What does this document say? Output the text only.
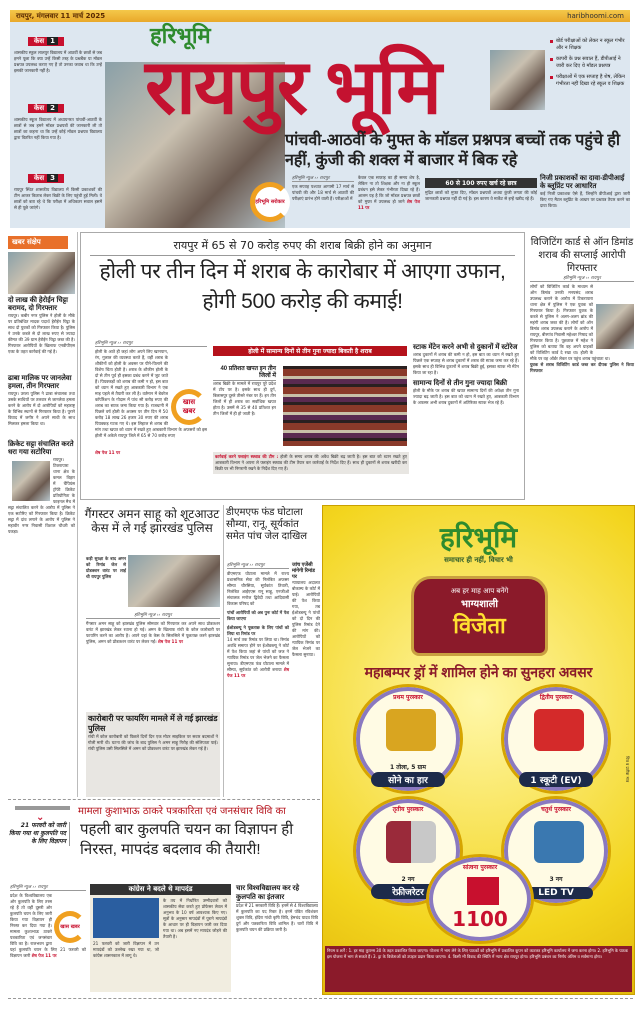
रायपुर, मंगलवार 11 मार्च 2025	haribhoomi.com
केस 1
शासकीय स्कूल लालपुर विद्यालय में आठवीं के छात्रों से जब हमने पूछा कि क्या उन्हें किसी तरह के प्रश्नबैंक या मॉडल प्रश्नपत्र उपलब्ध कराए गए हैं तो उनका जवाब था कि उन्हें इसकी जानकारी नहीं है।
केस 2
शासकीय स्कूल विद्यालय में अध्ययनरत पांचवीं-आठवीं के छात्रों से जब हमने मॉडल प्रश्नपत्रों की जानकारी ली तो छात्रों का कहना था कि उन्हें कोई मॉडल प्रश्नपत्र विद्यालय द्वारा वितरित नहीं किया गया है।
केस 3
रायपुर स्थित शासकीय विद्यालय में किसी प्रकाशकों की टीम आकर किताब लेकर बिक्री के लिए पहुंची हुई मिली। वे छात्रों को बता रहे थे कि परीक्षा में अधिकतर सवाल इसमें से ही पूछे जाएंगे।
हरिभूमि
रायपुर भूमि
बोर्ड परीक्षाओं को लेकर न स्कूल गंभीर और न शिक्षक
कापरी के प्रश्न सवाल हैं, डीपीआई ने जारी कर दिए थे मॉडल प्रश्नपत्र
परीक्षाओं में एक सप्ताह है शेष, लेकिन गंभीरता नहीं दिखा रहे स्कूल व शिक्षक
पांचवी-आठवीं के मुफ्त के मॉडल प्रश्नपत्र बच्चों तक पहुंचे ही नहीं, कुंजी की शक्ल में बाजार में बिक रहे
हरिभूमि सरोकार
हरिभूमि न्यूज ›› रायपुर
एक सप्ताह पश्चात आगामी 17 मार्च से पांचवी की और 18 मार्च से आठवीं की परीक्षाएं प्रारंभ होने वाली हैं। परीक्षाओं में
केवल एक सप्ताह का ही समय शेष है, लेकिन ना तो शिक्षक और ना ही स्कूल प्रबंधन इसे लेकर गंभीरता दिखा रहे हैं। आलम यह है कि जो मॉडल प्रश्नपत्र छात्रों को मुफ्त में उपलब्ध हो जाने शेष पेज 11 पर
60 से 100 रुपए खर्च रहे छात्र
मुद्रित छात्रों को मुफ्त दिए, मॉडल प्रश्नपत्रों अथवा कुंजी लगता की कोई जानकारी प्रश्नपत्र नहीं दी गई है। इस कारण वे मार्केट से इन्हें खरीद रहे हैं।
निजी प्रकाशकों का दावा-डीपीआई के ब्लूप्रिंट पर आधारित
कई निजी प्रकाशक ऐसे हैं, जिन्होंने डीपीआई द्वारा जारी किए गए मैटल ब्लूप्रिंट के आधार पर प्रश्नपत्र तैयार करने का दावा किया।
खबर संक्षेप
दो लाख की हेरोईन चिट्टा बरामद, दो गिरफ्तार
रायपुर। कबीर नगर पुलिस ने होली के मौके पर प्रतिबंधित मादक पदार्थ हेरोईन चिट्टा के साथ दो युवकों को गिरफ्तार किया है। पुलिस ने उनके कब्जे से दो लाख रुपए से ज्यादा कीमत की 39 ग्राम हेरोईन चिट्टा जब्त की है। गिरफ्तार आरोपियों के खिलाफ एनडीपीएस एक्ट के तहत कार्रवाई की गई है।
ढाबा मालिक पर जानलेवा हमला, तीन गिरफ्तार
रायपुर। उरला पुलिस ने ढाबा संचालक तथा उसके साथियों पर तलवार से जानलेवा हमला करने के आरोप में दो आरोपियों को महाराष्ट्र के विभिन्न स्थानों से गिरफ्तार किया है। पुराने विवाद में जगीर ने अपने साथी के साथ मिलकर हमला किया था।
क्रिकेट सट्टा संचालित करते धरा गया सटोरिया
रायपुर। टिकरापारा थाना क्षेत्र के कमल विहार में चैंपियंस ट्रॉफी क्रिकेट प्रतियोगिता के फाइनल मैच में सट्टा संचालित करने के आरोप में पुलिस ने एक सटोरिए को गिरफ्तार किया है। क्रिकेट सट्टा में दांव लगाने के आरोप में पुलिस ने महावीर नगर निवासी विशाल चौधरी को पकड़ा।
रायपुर में 65 से 70 करोड़ रुपए की शराब बिक्री होने का अनुमान
होली पर तीन दिन में शराब के कारोबार में आएगा उफान, होगी 500 करोड़ की कमाई!
हरिभूमि न्यूज ›› रायपुर
खास खबर
होली के आते ही जहां लोग अपने लिए खानपान, रंग, गुलाल की व्यवस्था करते हैं, वहीं शराब के शौकीनों को होली के अवसर पर पीने-पिलाने की विशेष चिंता होती है। शराब के शौकीन होली के दो से तीन पूर्व ही इसका प्रबंध करने में जुट जाते हैं। पियक्कड़ों को शराब की कमी न हो, इस बात को ध्यान में रखते हुए आबकारी विभाग ने एक माह पहले से तैयारी कर ली है। वर्तमान में बेवरेज कॉर्पोरेशन के गोदाम में पांच सौ करोड़ रुपए की शराब का स्टाक जमा किया गया है। राजधानी में पिछले वर्ष होली के अवसर पर तीन दिन में 50 करोड़ 18 लाख 26 हजार 30 रुपए की शराब पियक्कड़ गटक गए थे। इस लिहाज से शराब की मांग तथा खपत को ध्यान में रखते हुए आबकारी विभाग के अफसरों को इस होली में अकेले रायपुर जिले में 65 से 70 करोड़ रुपए
शेष पेज 11 पर
होली में सामान्य दिनों से तीन गुना ज्यादा बिकती है शराब
40 प्रतिशत खपत इन तीन जिलों में
शराब बिक्री के मामले में रायपुर पूरे प्रदेश में टॉप पर है। इसके साथ ही दुर्ग, बिलासपुर दूसरे तीसरे नंबर पर हैं। इन तीन जिलों में ही शराब का सर्वाधिक खपत होता है। उसमें से 35 से 40 प्रतिशत इन तीन जिलों में ही हो जाती है।
कार्रवाई करने फ्लाइंग स्क्वाड की टीम : होली के समय शराब की अवैध बिक्री बढ़ जाती है। इस बात को ध्यान रखते हुए आबकारी विभाग ने अपना ले फ्लाइंग स्क्वाड की टीम तैयार कर कार्रवाई के निर्देश दिए हैं। साथ ही दुकानों से शराब खरीदी कर बिक्री पर भी निगरानी रखने के निर्देश दिए गए हैं।
स्टाक मेंटेन करने अभी से दुकानों में स्टोरेज
शराब दुकानों में शराब की कमी न हो, इस बात का ध्यान में रखते हुए पिछले एक सप्ताह से शराब दुकानों में शराब की स्टाक जमा कर रहे हैं। इसके साथ ही विभिन्न दुकानों में शराब बिक्री हुई, इसका स्टाक भी मेंटेन किया जा रहा है।
सामान्य दिनों से तीन गुना ज्यादा बिक्री
होली के मौके पर शराब की खपत सामान्य दिनों की अपेक्षा तीन गुना ज्यादा बढ़ जाती है। इस बात को ध्यान में रखते हुए, आबकारी विभाग के अफसर अभी शराब दुकानों में अतिरिक्त स्टाक भेज रहे हैं।
विजिटिंग कार्ड से ऑन डिमांड शराब की सप्लाई आरोपी गिरफ्तार
हरिभूमि न्यूज ›› रायपुर
लोगों को विजिटिंग कार्ड के माध्यम से ऑन डिमांड उनकी मनपसंद शराब उपलब्ध कराने के आरोप में टिकरापारा थाना क्षेत्र में पुलिस ने एक युवक को गिरफ्तार किया है। गिरफ्तार युवक के कब्जे से पुलिस ने अलग-अलग ब्रांड की महंगी शराब जब्त की है। लोगों को ऑन डिमांड शराब उपलब्ध कराने के आरोप में रायपुर, बीरगांव निवासी महेश्वर निषाद को गिरफ्तार किया है। पूछताछ में महेश ने पुलिस को बताया कि वह अपने ग्राहकों को विजिटिंग कार्ड दे रखा था। होली के मौके पर वह ऑर्डर लेकर घर पहुंच शराब पहुंचाता था।
युवक से शराब विजिटिंग कार्ड जब्त कर दीपक पुलिस ने किया गिरफ्तार
गैंगस्टर अमन साहू को शूटआउट केस में ले गई झारखंड पुलिस
कड़ी सुरक्षा के बाद अमन को रिमांड जेल से प्रोडक्शन वारंट पर लाई थी रायपुर पुलिस
हरिभूमि न्यूज ›› रायपुर
गैंगस्टर अमन साहू को झारखंड पुलिस सोमवार को गिरफ्तार कर अपने साथ प्रोडक्शन वारंट में झारखंड लेकर रवाना हो गई। अमन के खिलाफ रांची के कोल कारोबारी पर फायरिंग करने का आरोप है। अपने यहां के केस के सिलसिले में पूछताछ करने झारखंड पुलिस, अमन को प्रोडक्शन वारंट पर लेकर गई। शेष पेज 11 पर
कारोबारी पर फायरिंग मामले में ले गई झारखंड पुलिस
रांची में कोल कारोबारी को पिछले दिनों दिन एक मोटर साइकिल पर सवार बदमाशों ने गोली मारी थी। घटना की जांच के बाद पुलिस ने अमन साहू गिरोह की संलिप्तता पाई। रांची पुलिस उसी सिलसिले में अमन को प्रोडक्शन वारंट पर झारखंड लेकर गई है।
डीएमएफ फंड घोटाला सौम्या, रानू, सूर्यकांत समेत पांच जेल दाखिल
हरिभूमि न्यूज ›› रायपुर
डीएमएफ घोटाला मामले में राज्य प्रशासनिक सेवा की निलंबित अफसर सौम्या चौरसिया, सूर्यकांत तिवारी, निलंबित आईएएस रानू साहू, एनजीओ संचालक मनोज द्विवेदी तथा आदिवासी विकास परिषद को
पांचों आरोपियों को अब पुनः कोर्ट में पेश किया जाएगा
ईओडब्ल्यू ने पूछताछ के लिए पांचों को लिया था रिमांड पर
14 मार्च तक रिमांड पर लिया था। रिमांड अवधि समाप्त होने पर ईओडब्ल्यू ने कोर्ट में पेश किया जहां से पांचों को जज ने न्यायिक रिमांड पर जेल भेजने का फैसला सुनाया। डीएमएफ फंड घोटाला मामले में सौम्या, सूर्यकांत को आरोपी बनाया शेष पेज 11 पर
जांच एजेंसी मांगेगी रिमांड पर
न्यायालय अदालत बोकाम्प के कोर्ट में पाई। आरोपियों की पेश किया गया, तब ईओडब्ल्यू ने पांचों को दो दिन की पुलिस रिमांड देने की मांग की। आरोपियों को न्यायिक रिमांड पर जेल भेजने का फैसला सुनाया।
हरिभूमि
समाचार ही नहीं, विचार भी
अब हर माह आप बनेंगे
भाग्यशाली
विजेता
महाबम्पर ड्रॉ में शामिल होने का सुनहरा अवसर
प्रथम पुरस्कार
1 तोला, 5 ग्राम
सोने का हार
द्वितीय पुरस्कार
1 स्कूटी (EV)
तृतीय पुरस्कार
2 नग
रेफ्रीजरेटर
चतुर्थ पुरस्कार
3 नग
LED TV
सांत्वना पुरस्कार
1100
चित्र व प्रतीक मात्र
नियम व शर्तें : 1. हर माह कूपन्स 30 के तहत प्रकाशित किया जाएगा। योजना में भाग लेने के लिए पाठकों को हरिभूमि में प्रकाशित कूपन को काटकर हरिभूमि कार्यालय में जमा करना होगा। 2. हरिभूमि के पाठक इस योजना में भाग ले सकते हैं। 3. ड्रा के विजेताओं को उपहार प्रदान किया जाएगा। 4. किसी भी विवाद की स्थिति में न्याय क्षेत्र रायपुर होगा। हरिभूमि प्रबंधन का निर्णय अंतिम व सर्वमान्य होगा।
⌄
मामला कुशाभाऊ ठाकरे पत्रकारिता एवं जनसंचार विवि का
21 फरवरी को जारी किया गया था कुलपति पद के लिए विज्ञापन
पहली बार कुलपति चयन का विज्ञापन ही निरस्त, मापदंड बदलाव की तैयारी!
हरिभूमि न्यूज ›› रायपुर
खास खबर
प्रदेश के विश्वविद्यालय एक ओर कुलपति के लिए तरस रहे हैं तो वहीं दूसरी ओर कुलपति चयन के लिए जारी किया गया विज्ञापन ही निरस्त कर दिया गया है। मामला कुशाभाऊ ठाकरे पत्रकारिता एवं जनसंचार विवि का है। राजभवन द्वारा यहां कुलपति चयन के लिए 21 फरवरी को विज्ञापन जारी शेष पेज 11 पर
कांग्रेस ने बदले थे मापदंड
21 फरवरी को जारी विज्ञापन में उन मापदंडों को उल्लेख रखा गया था, जो कांग्रेस शासनकाल में लागू थे।
के तय में निर्धारित उम्मीदवारों को शासकीय सेवा करते हुए प्रोफेसर लेवल में अनुभव के 10 वर्ष आवश्यक किए गए। सूत्रों के अनुसार मापदंडों में पुराने मापदंडों के आधार पर ही विज्ञापन जारी कर दिया गया था। अब इसमें नए मापदंड जोड़ने की तैयारी है।
चार विश्वविद्यालय कर रहे कुलपति का इंतजार
प्रदेश में 21 सरकारी विवि हैं। इनमें से 4 विश्वविद्यालय में कुलपति का पद रिक्त है। इनमें पंडित रविशंकर शुक्ल विवि, इंदिरा गांधी कृषि विवि, हेमचंद यादव विवि दुर्ग और पत्रकारिता विवि शामिल हैं। चारों विवि में कुलपति चयन की प्रक्रिया जारी है।
